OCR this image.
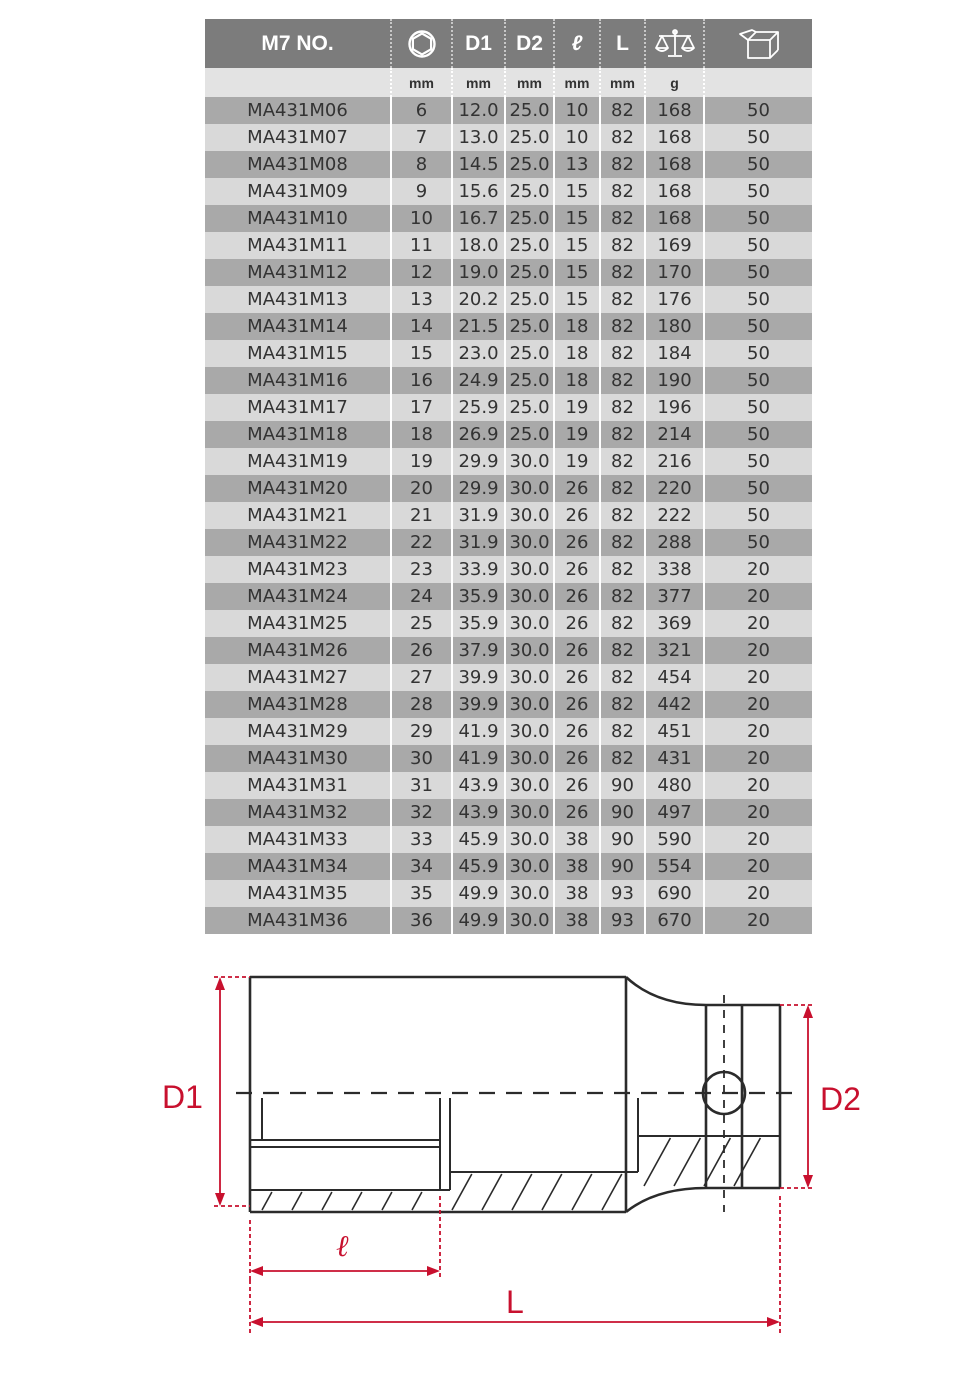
M7 NO.		D1	D2	ℓ	L	

	mm	mm	mm	mm	mm	g	
MA431M06	6	12.0	25.0	10	82	168	50
MA431M07	7	13.0	25.0	10	82	168	50
MA431M08	8	14.5	25.0	13	82	168	50
MA431M09	9	15.6	25.0	15	82	168	50
MA431M10	10	16.7	25.0	15	82	168	50
MA431M11	11	18.0	25.0	15	82	169	50
MA431M12	12	19.0	25.0	15	82	170	50
MA431M13	13	20.2	25.0	15	82	176	50
MA431M14	14	21.5	25.0	18	82	180	50
MA431M15	15	23.0	25.0	18	82	184	50
MA431M16	16	24.9	25.0	18	82	190	50
MA431M17	17	25.9	25.0	19	82	196	50
MA431M18	18	26.9	25.0	19	82	214	50
MA431M19	19	29.9	30.0	19	82	216	50
MA431M20	20	29.9	30.0	26	82	220	50
MA431M21	21	31.9	30.0	26	82	222	50
MA431M22	22	31.9	30.0	26	82	288	50
MA431M23	23	33.9	30.0	26	82	338	20
MA431M24	24	35.9	30.0	26	82	377	20
MA431M25	25	35.9	30.0	26	82	369	20
MA431M26	26	37.9	30.0	26	82	321	20
MA431M27	27	39.9	30.0	26	82	454	20
MA431M28	28	39.9	30.0	26	82	442	20
MA431M29	29	41.9	30.0	26	82	451	20
MA431M30	30	41.9	30.0	26	82	431	20
MA431M31	31	43.9	30.0	26	90	480	20
MA431M32	32	43.9	30.0	26	90	497	20
MA431M33	33	45.9	30.0	38	90	590	20
MA431M34	34	45.9	30.0	38	90	554	20
MA431M35	35	49.9	30.0	38	93	690	20
MA431M36	36	49.9	30.0	38	93	670	20
D1	D2
ℓ
L
